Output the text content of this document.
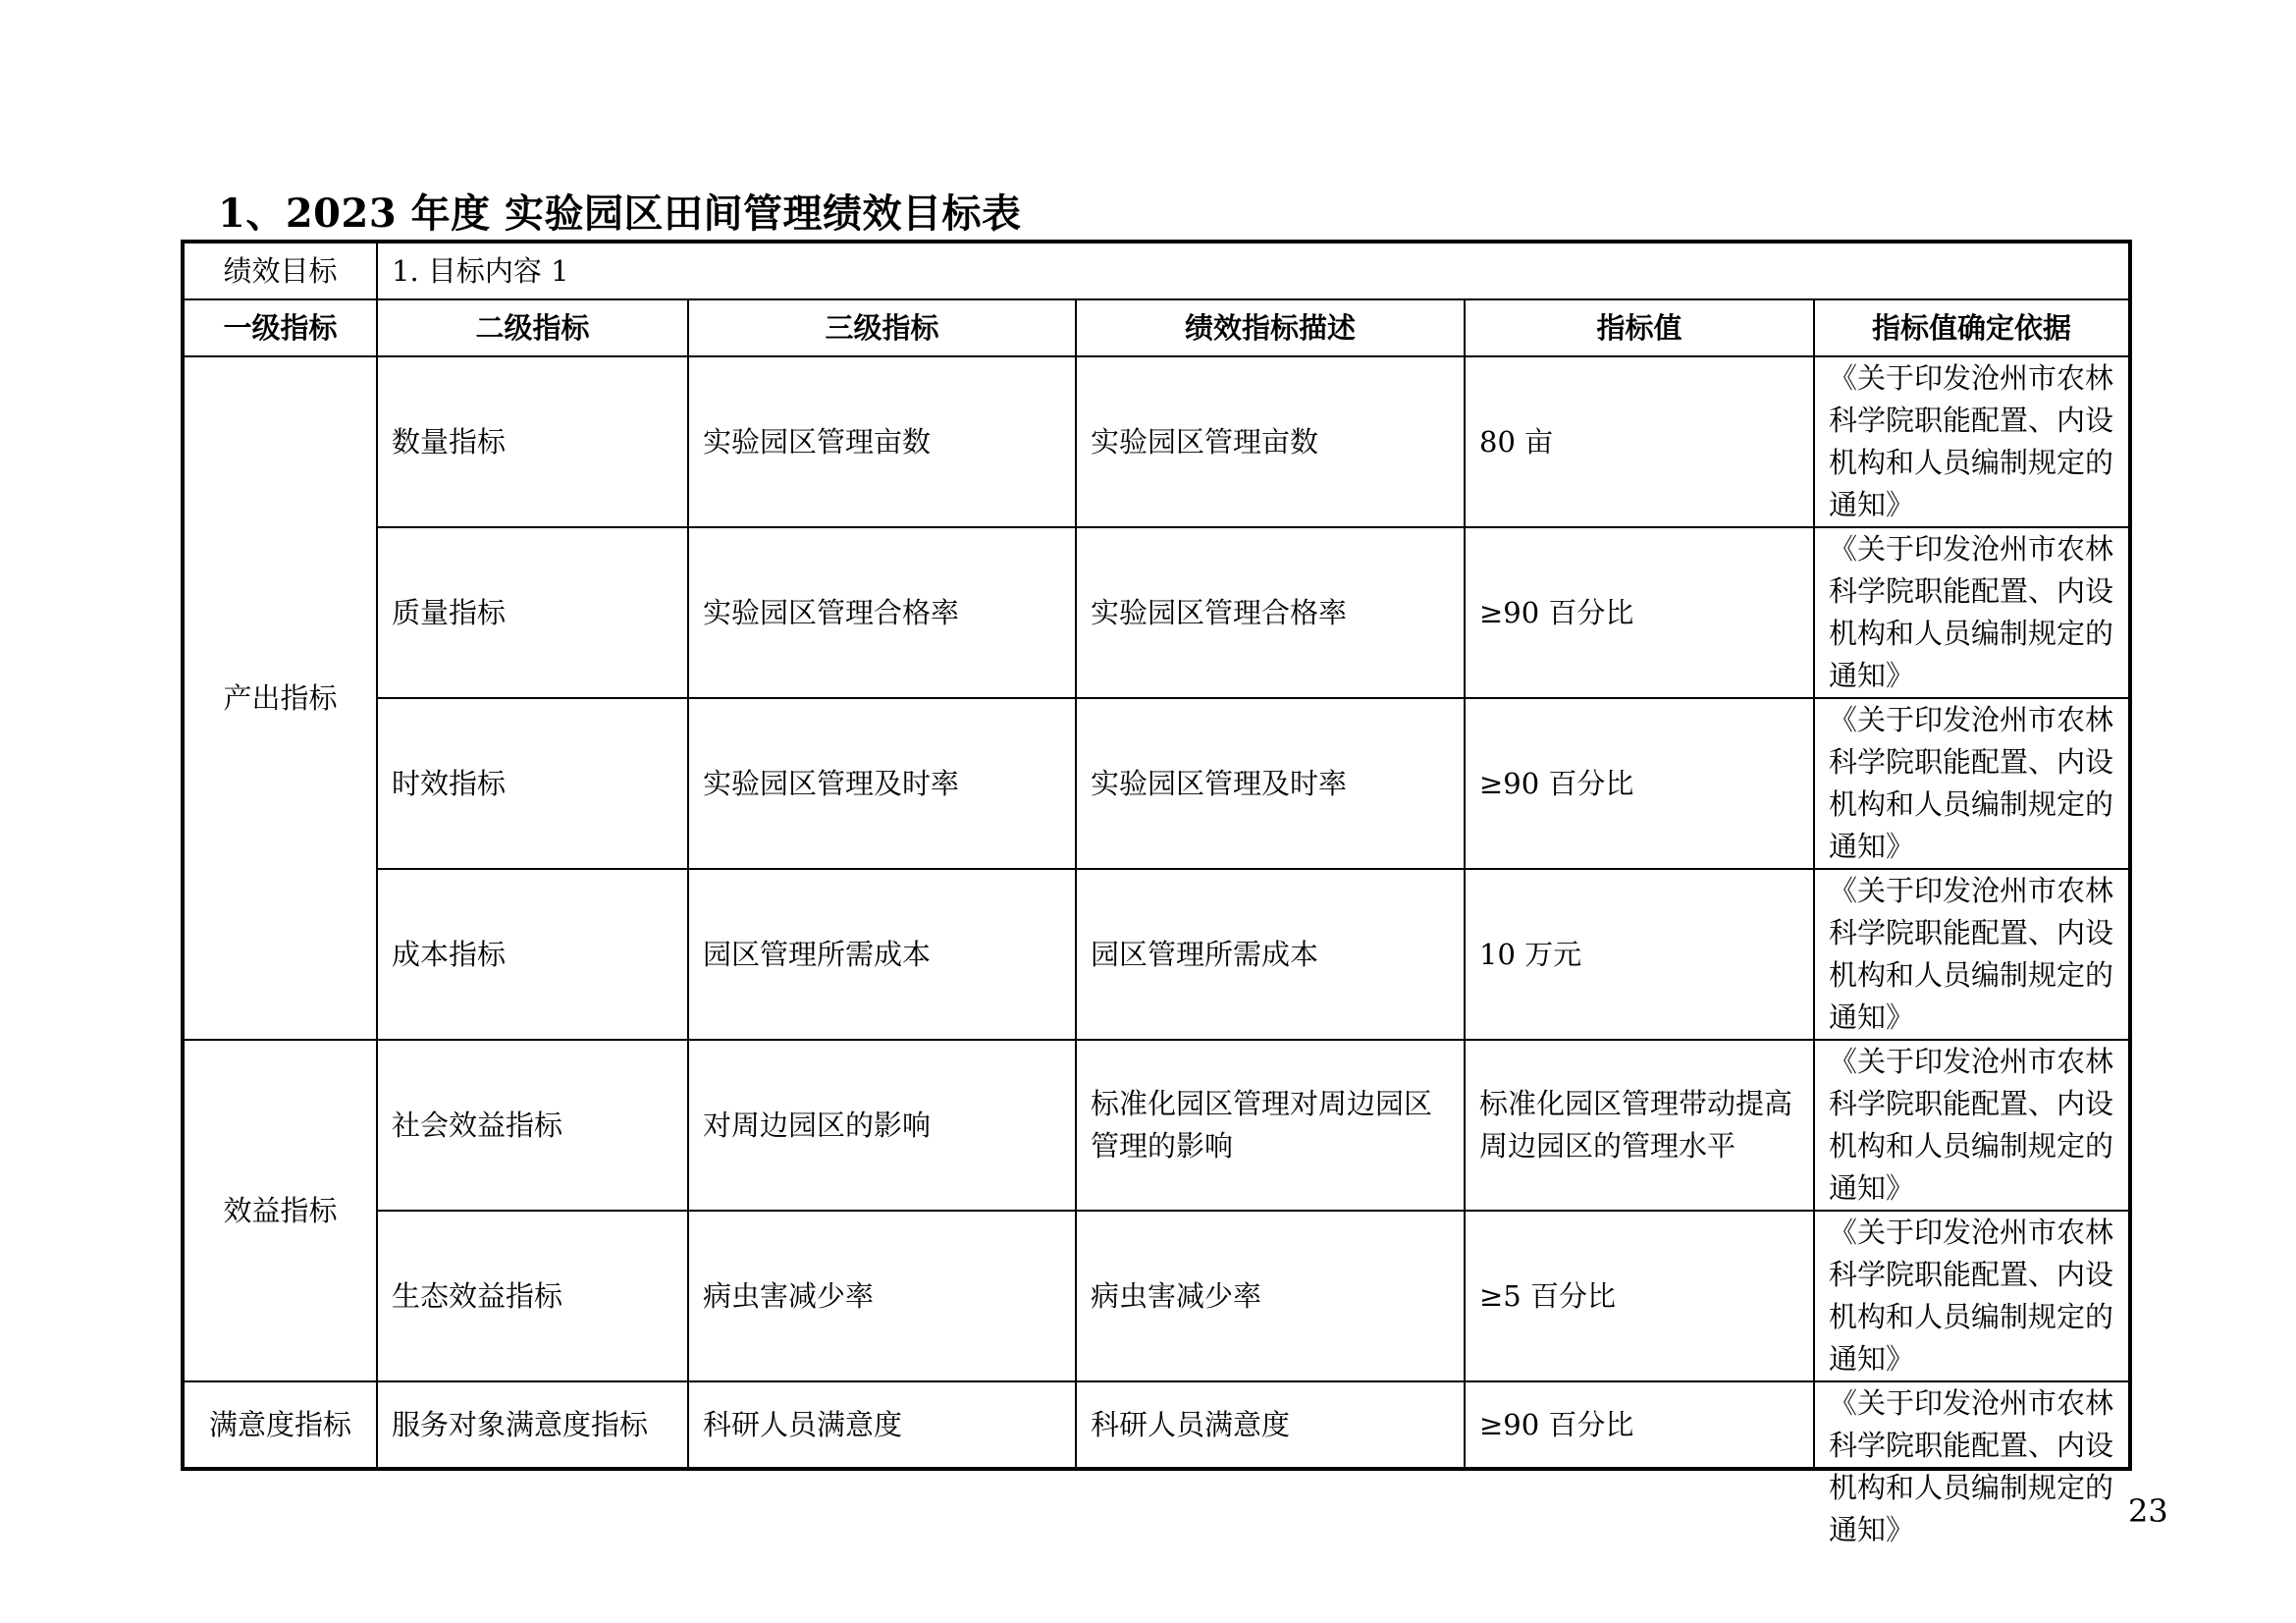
1、2023 年度 实验园区田间管理绩效目标表
绩效目标	1. 目标内容 1				
一级指标	二级指标	三级指标	绩效指标描述	指标值	指标值确定依据
产出指标	数量指标	实验园区管理亩数	实验园区管理亩数	80 亩	《关于印发沧州市农林科学院职能配置、内设机构和人员编制规定的通知》
	质量指标	实验园区管理合格率	实验园区管理合格率	≥90 百分比	《关于印发沧州市农林科学院职能配置、内设机构和人员编制规定的通知》
	时效指标	实验园区管理及时率	实验园区管理及时率	≥90 百分比	《关于印发沧州市农林科学院职能配置、内设机构和人员编制规定的通知》
	成本指标	园区管理所需成本	园区管理所需成本	10 万元	《关于印发沧州市农林科学院职能配置、内设机构和人员编制规定的通知》
效益指标	社会效益指标	对周边园区的影响	标准化园区管理对周边园区管理的影响	标准化园区管理带动提高周边园区的管理水平	《关于印发沧州市农林科学院职能配置、内设机构和人员编制规定的通知》
	生态效益指标	病虫害减少率	病虫害减少率	≥5 百分比	《关于印发沧州市农林科学院职能配置、内设机构和人员编制规定的通知》
满意度指标	服务对象满意度指标	科研人员满意度	科研人员满意度	≥90 百分比	《关于印发沧州市农林科学院职能配置、内设机构和人员编制规定的通知》	23
